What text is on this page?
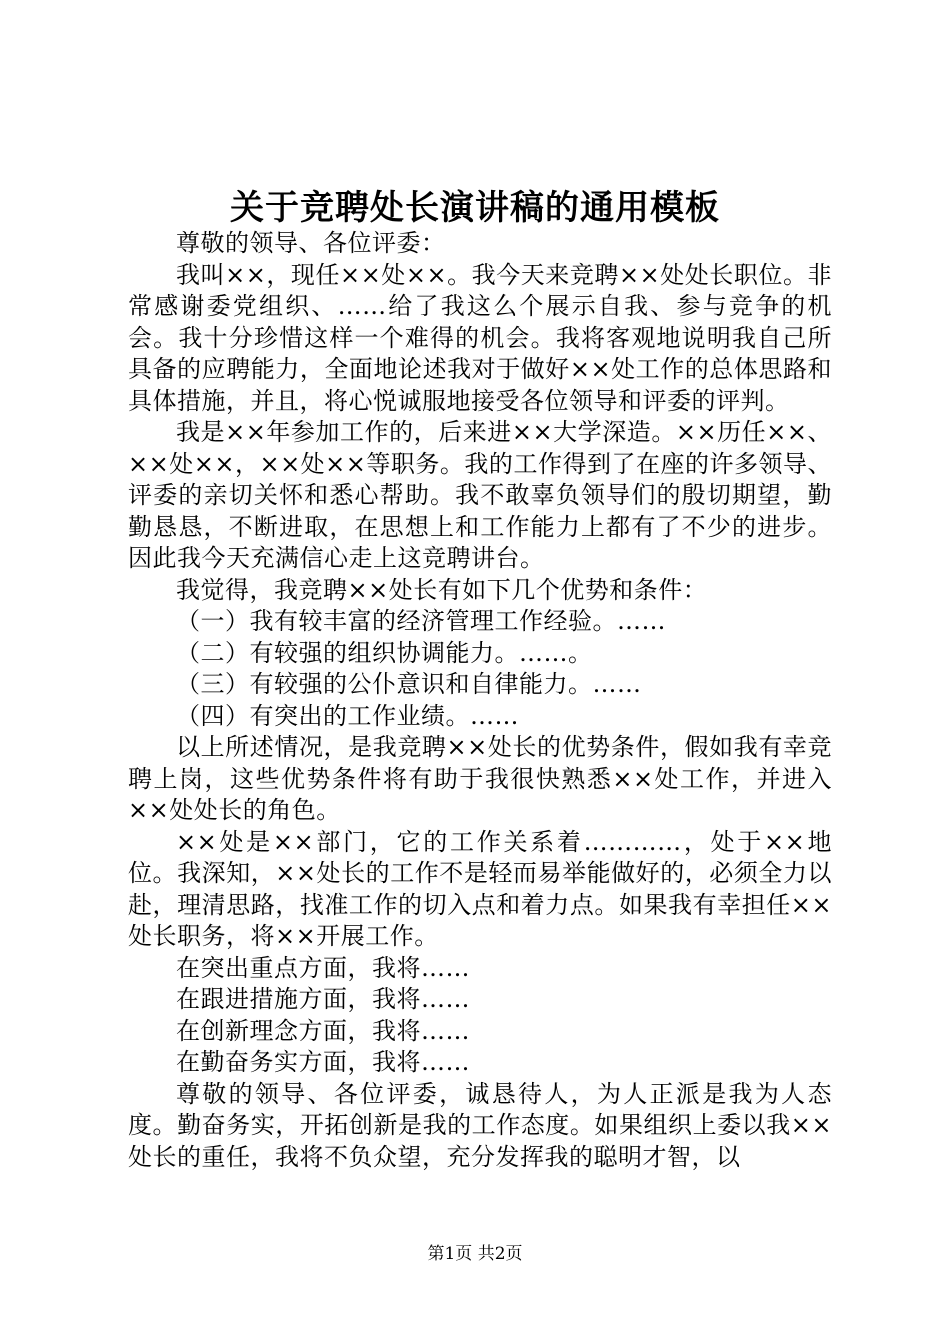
关于竞聘处长演讲稿的通用模板

尊敬的领导、各位评委：

我叫××，现任××处××。我今天来竞聘××处处长职位。非常感谢委党组织、……给了我这么个展示自我、参与竞争的机会。我十分珍惜这样一个难得的机会。我将客观地说明我自己所具备的应聘能力，全面地论述我对于做好××处工作的总体思路和具体措施，并且，将心悦诚服地接受各位领导和评委的评判。

我是××年参加工作的，后来进××大学深造。××历任××、××处××，××处××等职务。我的工作得到了在座的许多领导、评委的亲切关怀和悉心帮助。我不敢辜负领导们的殷切期望，勤勤恳恳，不断进取，在思想上和工作能力上都有了不少的进步。因此我今天充满信心走上这竞聘讲台。

我觉得，我竞聘××处长有如下几个优势和条件：

（一）我有较丰富的经济管理工作经验。……

（二）有较强的组织协调能力。……。

（三）有较强的公仆意识和自律能力。……

（四）有突出的工作业绩。……

以上所述情况，是我竞聘××处长的优势条件，假如我有幸竞聘上岗，这些优势条件将有助于我很快熟悉××处工作，并进入××处处长的角色。

××处是××部门，它的工作关系着…………，处于××地位。我深知，××处长的工作不是轻而易举能做好的，必须全力以赴，理清思路，找准工作的切入点和着力点。如果我有幸担任××处长职务，将××开展工作。

在突出重点方面，我将……

在跟进措施方面，我将……

在创新理念方面，我将……

在勤奋务实方面，我将……

尊敬的领导、各位评委，诚恳待人，为人正派是我为人态度。勤奋务实，开拓创新是我的工作态度。如果组织上委以我××处长的重任，我将不负众望，充分发挥我的聪明才智，以

第1页 共2页
